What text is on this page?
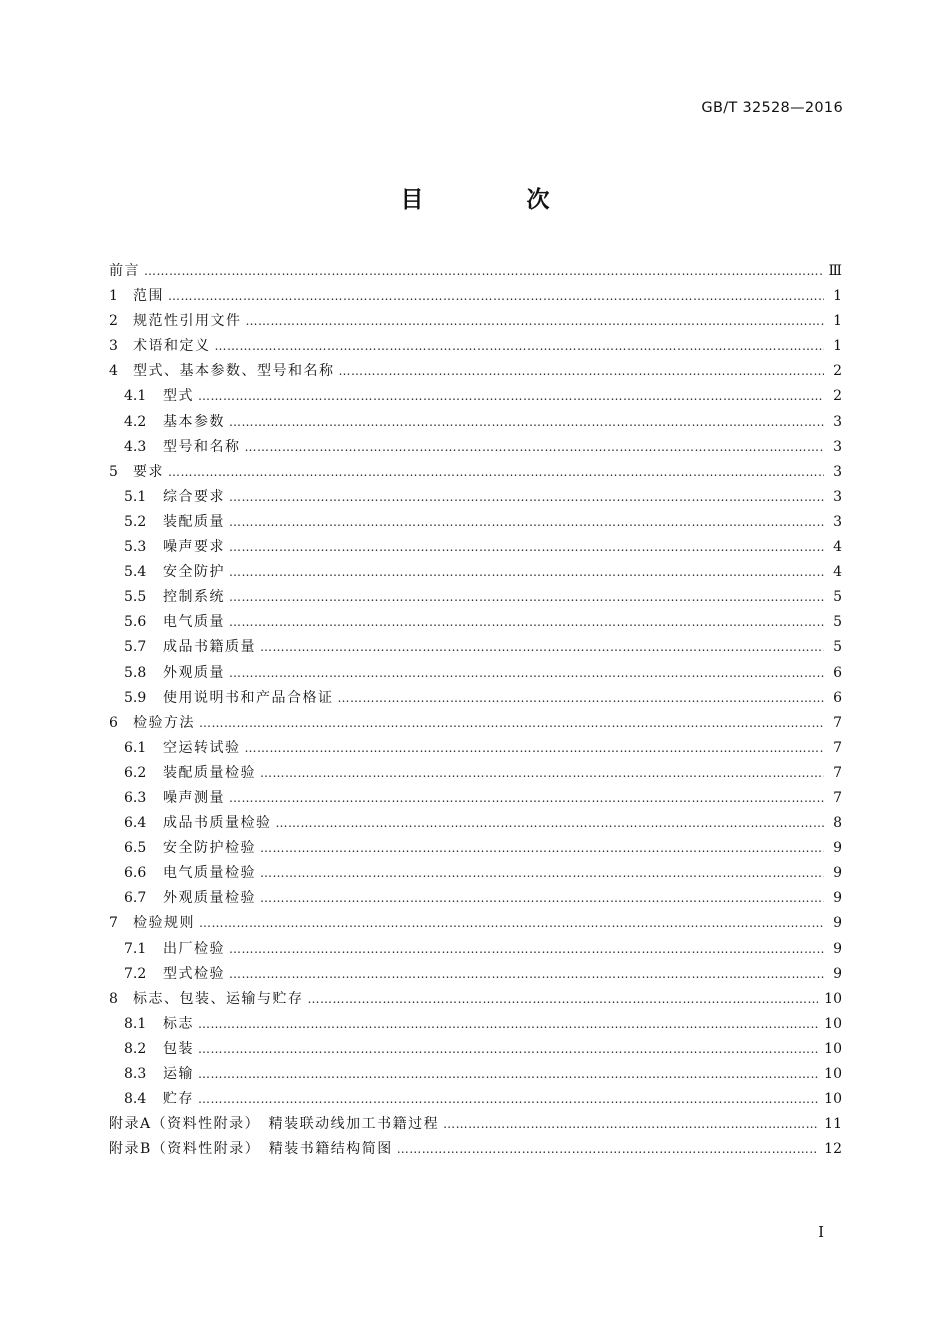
GB/T 32528—2016
目　次
前言 …………………………………………………………………………………………………………………………………………………………………………………………………………	Ⅲ
1	范围 …………………………………………………………………………………………………………………………………………………………………………………………………………	1
2	规范性引用文件 …………………………………………………………………………………………………………………………………………………………………………………………………………	1
3	术语和定义 …………………………………………………………………………………………………………………………………………………………………………………………………………	1
4	型式、基本参数、型号和名称 …………………………………………………………………………………………………………………………………………………………………………………………………………	2
4.1	型式 …………………………………………………………………………………………………………………………………………………………………………………………………………	2
4.2	基本参数 …………………………………………………………………………………………………………………………………………………………………………………………………………	3
4.3	型号和名称 …………………………………………………………………………………………………………………………………………………………………………………………………………	3
5	要求 …………………………………………………………………………………………………………………………………………………………………………………………………………	3
5.1	综合要求 …………………………………………………………………………………………………………………………………………………………………………………………………………	3
5.2	装配质量 …………………………………………………………………………………………………………………………………………………………………………………………………………	3
5.3	噪声要求 …………………………………………………………………………………………………………………………………………………………………………………………………………	4
5.4	安全防护 …………………………………………………………………………………………………………………………………………………………………………………………………………	4
5.5	控制系统 …………………………………………………………………………………………………………………………………………………………………………………………………………	5
5.6	电气质量 …………………………………………………………………………………………………………………………………………………………………………………………………………	5
5.7	成品书籍质量 …………………………………………………………………………………………………………………………………………………………………………………………………………	5
5.8	外观质量 …………………………………………………………………………………………………………………………………………………………………………………………………………	6
5.9	使用说明书和产品合格证 …………………………………………………………………………………………………………………………………………………………………………………………………………	6
6	检验方法 …………………………………………………………………………………………………………………………………………………………………………………………………………	7
6.1	空运转试验 …………………………………………………………………………………………………………………………………………………………………………………………………………	7
6.2	装配质量检验 …………………………………………………………………………………………………………………………………………………………………………………………………………	7
6.3	噪声测量 …………………………………………………………………………………………………………………………………………………………………………………………………………	7
6.4	成品书质量检验 …………………………………………………………………………………………………………………………………………………………………………………………………………	8
6.5	安全防护检验 …………………………………………………………………………………………………………………………………………………………………………………………………………	9
6.6	电气质量检验 …………………………………………………………………………………………………………………………………………………………………………………………………………	9
6.7	外观质量检验 …………………………………………………………………………………………………………………………………………………………………………………………………………	9
7	检验规则 …………………………………………………………………………………………………………………………………………………………………………………………………………	9
7.1	出厂检验 …………………………………………………………………………………………………………………………………………………………………………………………………………	9
7.2	型式检验 …………………………………………………………………………………………………………………………………………………………………………………………………………	9
8	标志、包装、运输与贮存 …………………………………………………………………………………………………………………………………………………………………………………………………………	10
8.1	标志 …………………………………………………………………………………………………………………………………………………………………………………………………………	10
8.2	包装 …………………………………………………………………………………………………………………………………………………………………………………………………………	10
8.3	运输 …………………………………………………………………………………………………………………………………………………………………………………………………………	10
8.4	贮存 …………………………………………………………………………………………………………………………………………………………………………………………………………	10
附录A（资料性附录）　精装联动线加工书籍过程 …………………………………………………………………………………………………………………………………………………………………………………………………………	11
附录B（资料性附录）　精装书籍结构简图 …………………………………………………………………………………………………………………………………………………………………………………………………………	12
I
